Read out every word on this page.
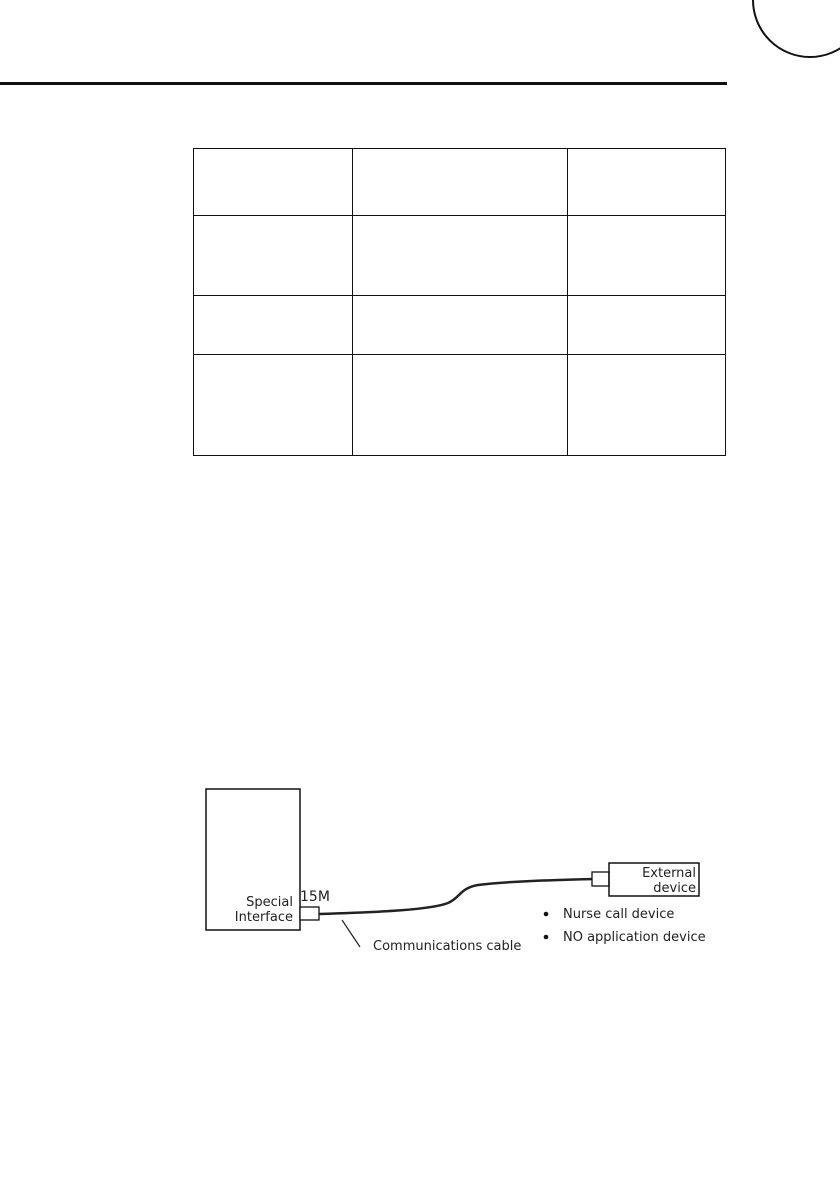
Special
Interface
15M
Communications cable
External
device
Nurse call device
NO application device
